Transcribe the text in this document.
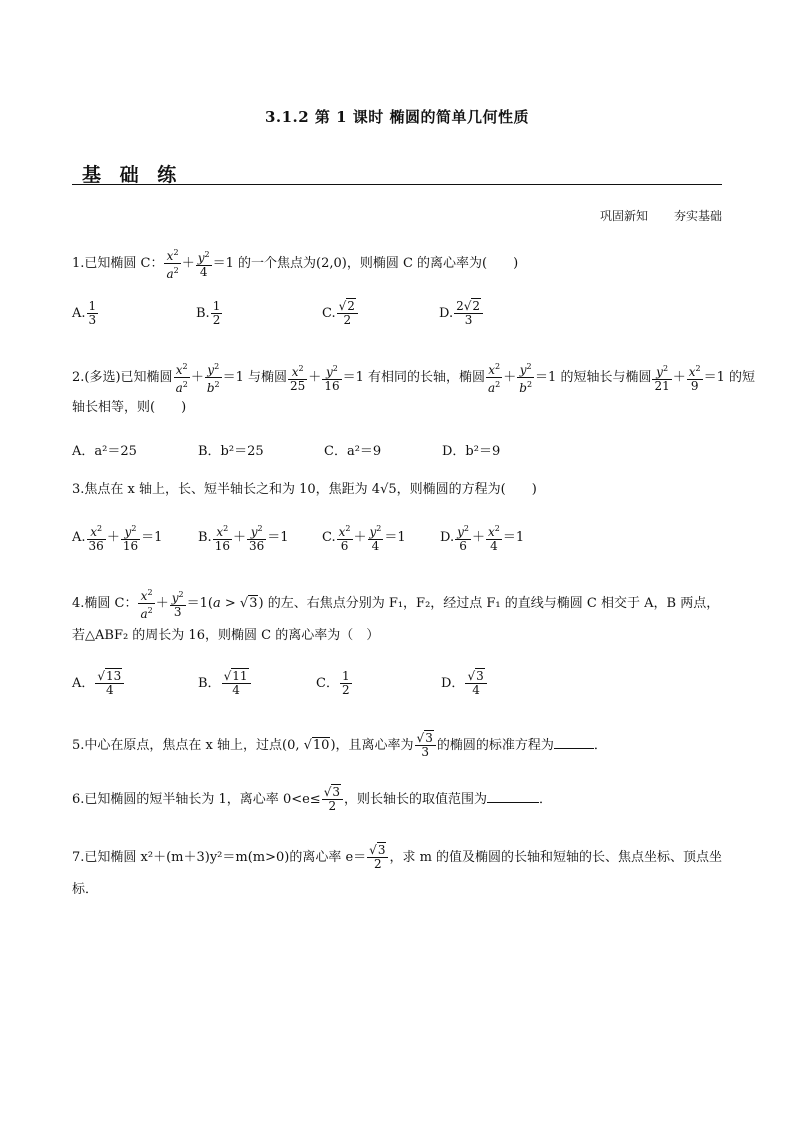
3.1.2 第 1 课时 椭圆的简单几何性质
基 础 练
巩固新知 夯实基础
1.已知椭圆 C： $\frac{x^2}{a^2} + \frac{y^2}{4} =1$ 的一个焦点为(2,0)，则椭圆 C 的离心率为(　　)
A. $\frac{1}{3}$	B. $\frac{1}{2}$	C. $\frac{√2}{2}$	D. $\frac{2√2}{3}$
2.(多选)已知椭圆 $\frac{x^2}{a^2} + \frac{y^2}{b^2} =1$ 与椭圆 $\frac{x^2}{25} + \frac{y^2}{16} =1$ 有相同的长轴，椭圆 $\frac{x^2}{a^2} + \frac{y^2}{b^2} =1$ 的短轴长与椭圆 $\frac{y^2}{21} + \frac{x^2}{9} =1$ 的短
轴长相等，则(　　)
A．a²＝25	B．b²＝25	C．a²＝9	D．b²＝9
3.焦点在 x 轴上，长、短半轴长之和为 10，焦距为 4√5，则椭圆的方程为(　　)
A. $\frac{x^2}{36} + \frac{y^2}{16} =1$	B. $\frac{x^2}{16} + \frac{y^2}{36} =1$	C. $\frac{x^2}{6} + \frac{y^2}{4} =1$	D. $\frac{y^2}{6} + \frac{x^2}{4} =1$
4.椭圆 C： $\frac{x^2}{a^2} + \frac{y^2}{3} =1(a > √3)$ 的左、右焦点分别为 F₁，F₂，经过点 F₁ 的直线与椭圆 C 相交于 A，B 两点，
若△ABF₂ 的周长为 16，则椭圆 C 的离心率为（　）
A． $\frac{√13}{4}$	B． $\frac{√11}{4}$	C． $\frac{1}{2}$	D． $\frac{√3}{4}$
5.中心在原点，焦点在 x 轴上，过点(0, √10)，且离心率为 $\frac{√3}{3}$ 的椭圆的标准方程为	．
6.已知椭圆的短半轴长为 1，离心率 $0<e\le \frac{√3}{2}$ ，则长轴长的取值范围为	．
7.已知椭圆 x²＋(m＋3)y²＝m(m>0)的离心率 $e= \frac{√3}{2}$ ，求 m 的值及椭圆的长轴和短轴的长、焦点坐标、顶点坐
标．
